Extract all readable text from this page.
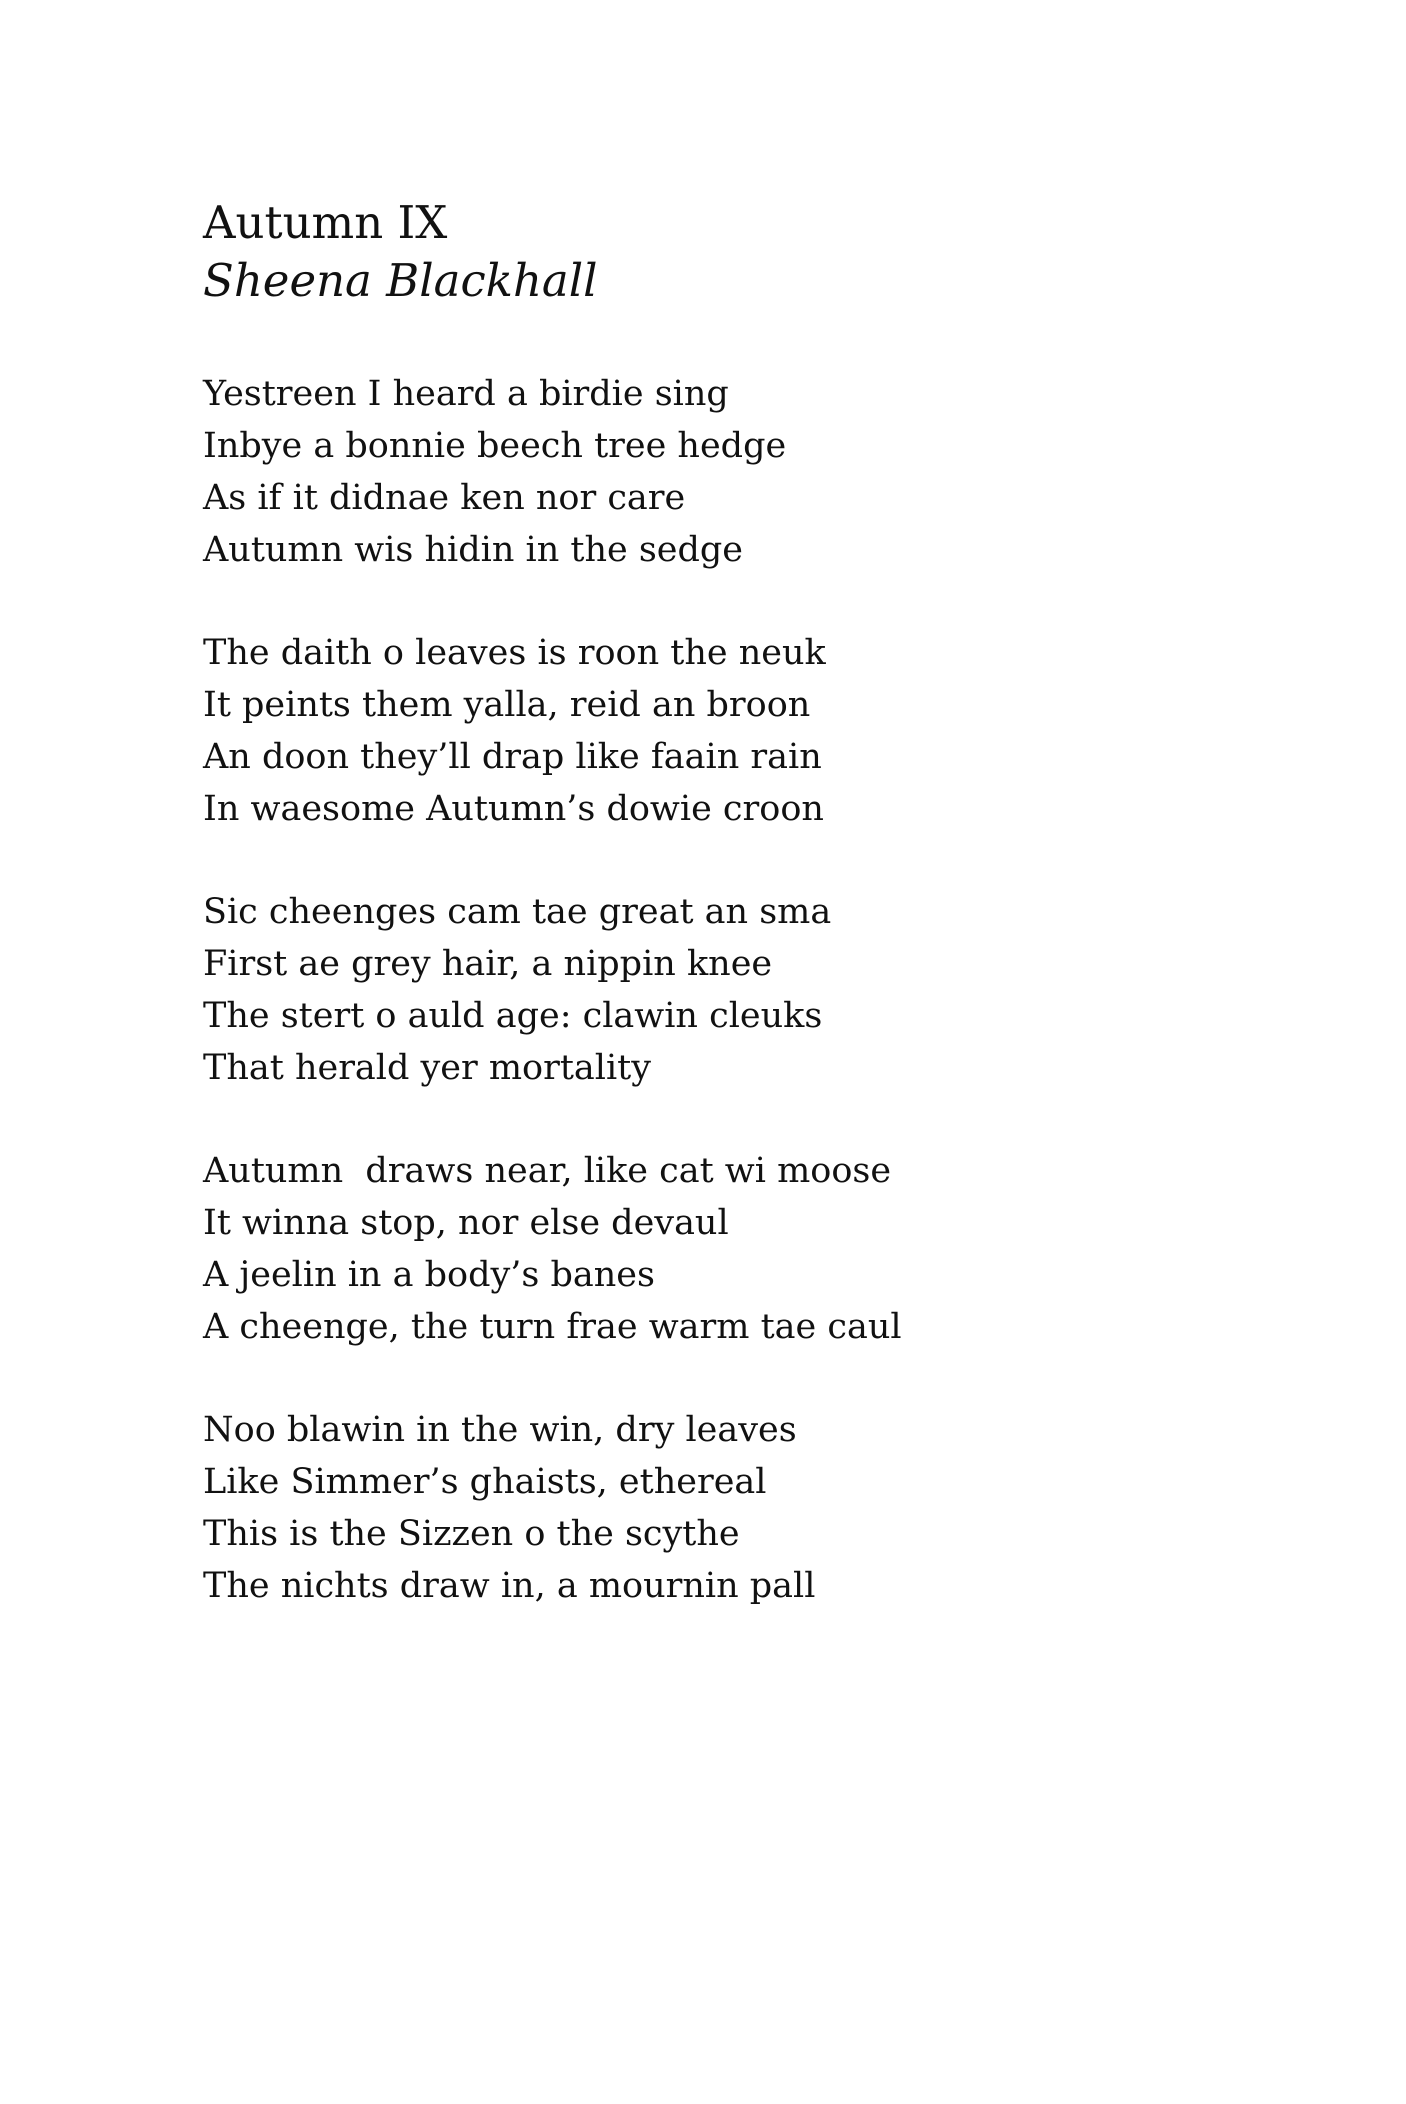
Autumn IX
Sheena Blackhall

Yestreen I heard a birdie sing

Inbye a bonnie beech tree hedge

As if it didnae ken nor care

Autumn wis hidin in the sedge

The daith o leaves is roon the neuk

It peints them yalla, reid an broon

An doon they’ll drap like faain rain

In waesome Autumn’s dowie croon

Sic cheenges cam tae great an sma

First ae grey hair, a nippin knee

The stert o auld age: clawin cleuks

That herald yer mortality

Autumn  draws near, like cat wi moose

It winna stop, nor else devaul

A jeelin in a body’s banes

A cheenge, the turn frae warm tae caul

Noo blawin in the win, dry leaves

Like Simmer’s ghaists, ethereal

This is the Sizzen o the scythe

The nichts draw in, a mournin pall
